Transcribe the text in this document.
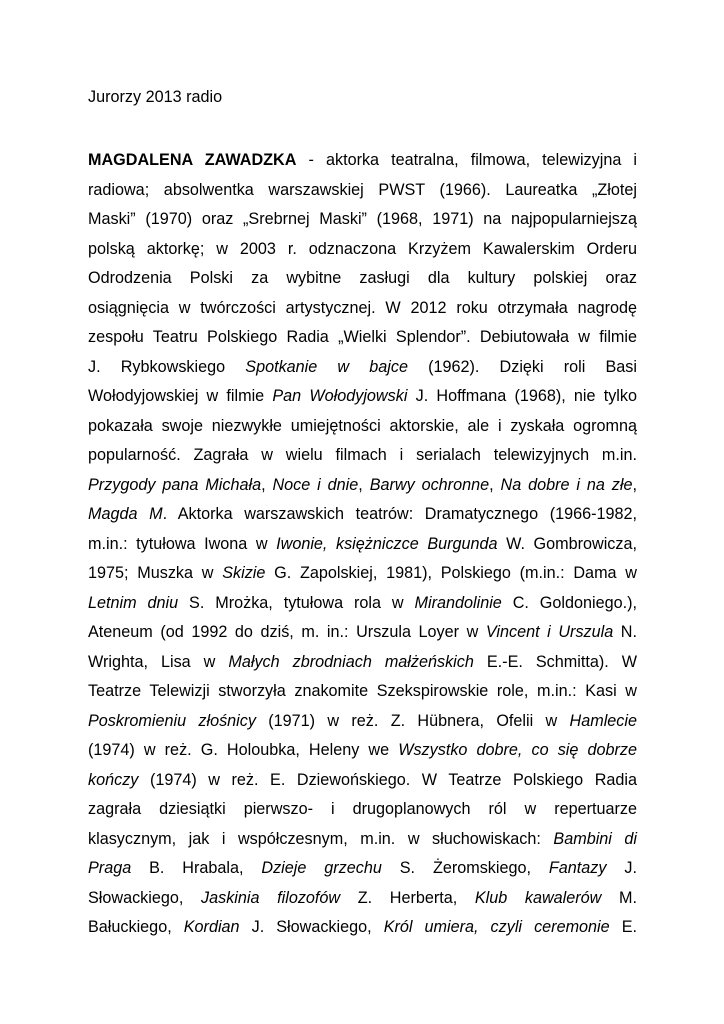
Jurorzy 2013 radio
MAGDALENA ZAWADZKA - aktorka teatralna, filmowa, telewizyjna i
radiowa; absolwentka warszawskiej PWST (1966). Laureatka „Złotej
Maski” (1970) oraz „Srebrnej Maski” (1968, 1971) na najpopularniejszą
polską aktorkę; w 2003 r. odznaczona Krzyżem Kawalerskim Orderu
Odrodzenia Polski za wybitne zasługi dla kultury polskiej oraz
osiągnięcia w twórczości artystycznej. W 2012 roku otrzymała nagrodę
zespołu Teatru Polskiego Radia „Wielki Splendor”. Debiutowała w filmie
J. Rybkowskiego Spotkanie w bajce (1962). Dzięki roli Basi
Wołodyjowskiej w filmie Pan Wołodyjowski J. Hoffmana (1968), nie tylko
pokazała swoje niezwykłe umiejętności aktorskie, ale i zyskała ogromną
popularność. Zagrała w wielu filmach i serialach telewizyjnych m.in.
Przygody pana Michała, Noce i dnie, Barwy ochronne, Na dobre i na złe,
Magda M. Aktorka warszawskich teatrów: Dramatycznego (1966-1982,
m.in.: tytułowa Iwona w Iwonie, księżniczce Burgunda W. Gombrowicza,
1975; Muszka w Skizie G. Zapolskiej, 1981), Polskiego (m.in.: Dama w
Letnim dniu S. Mrożka, tytułowa rola w Mirandolinie C. Goldoniego.),
Ateneum (od 1992 do dziś, m. in.: Urszula Loyer w Vincent i Urszula N.
Wrighta, Lisa w Małych zbrodniach małżeńskich E.-E. Schmitta). W
Teatrze Telewizji stworzyła znakomite Szekspirowskie role, m.in.: Kasi w
Poskromieniu złośnicy (1971) w reż. Z. Hübnera, Ofelii w Hamlecie
(1974) w reż. G. Holoubka, Heleny we Wszystko dobre, co się dobrze
kończy (1974) w reż. E. Dziewońskiego. W Teatrze Polskiego Radia
zagrała dziesiątki pierwszo- i drugoplanowych ról w repertuarze
klasycznym, jak i współczesnym, m.in. w słuchowiskach: Bambini di
Praga B. Hrabala, Dzieje grzechu S. Żeromskiego, Fantazy J.
Słowackiego, Jaskinia filozofów Z. Herberta, Klub kawalerów M.
Bałuckiego, Kordian J. Słowackiego, Król umiera, czyli ceremonie E.
